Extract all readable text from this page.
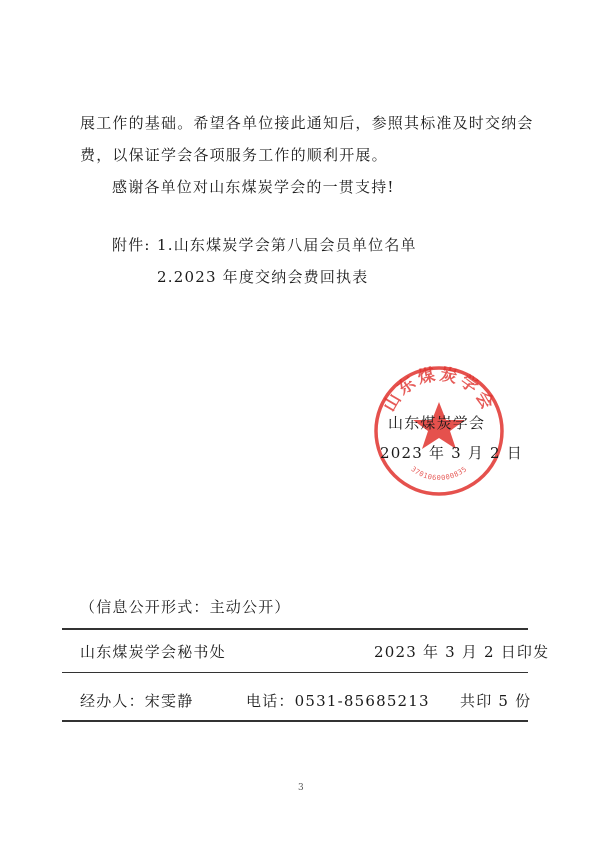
展工作的基础。希望各单位接此通知后，参照其标准及时交纳会
费，以保证学会各项服务工作的顺利开展。
感谢各单位对山东煤炭学会的一贯支持!
附件: 1.山东煤炭学会第八届会员单位名单
2.2023 年度交纳会费回执表
山东煤炭学会
3701060000835
山东煤炭学会
2023 年 3 月 2 日
（信息公开形式：主动公开）
山东煤炭学会秘书处	2023 年 3 月 2 日印发
经办人：宋雯静	电话：0531-85685213 共印 5 份
3
